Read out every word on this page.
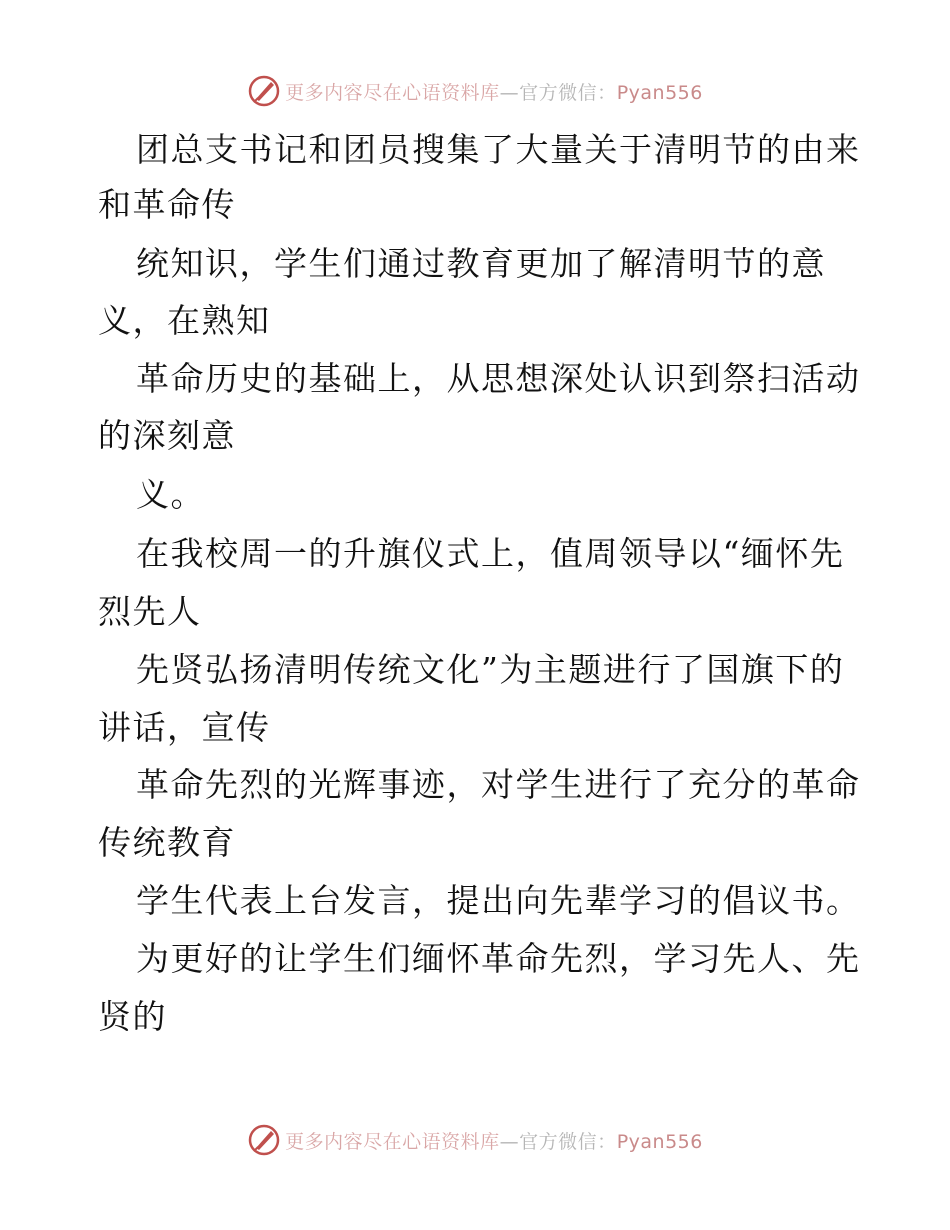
更多内容尽在心语资料库—官方微信：Pyan556
团总支书记和团员搜集了大量关于清明节的由来
和革命传
统知识，学生们通过教育更加了解清明节的意
义，在熟知
革命历史的基础上，从思想深处认识到祭扫活动
的深刻意
义。
在我校周一的升旗仪式上，值周领导以“缅怀先
烈先人
先贤弘扬清明传统文化”为主题进行了国旗下的
讲话，宣传
革命先烈的光辉事迹，对学生进行了充分的革命
传统教育
学生代表上台发言，提出向先辈学习的倡议书。
为更好的让学生们缅怀革命先烈，学习先人、先
贤的
更多内容尽在心语资料库—官方微信：Pyan556
